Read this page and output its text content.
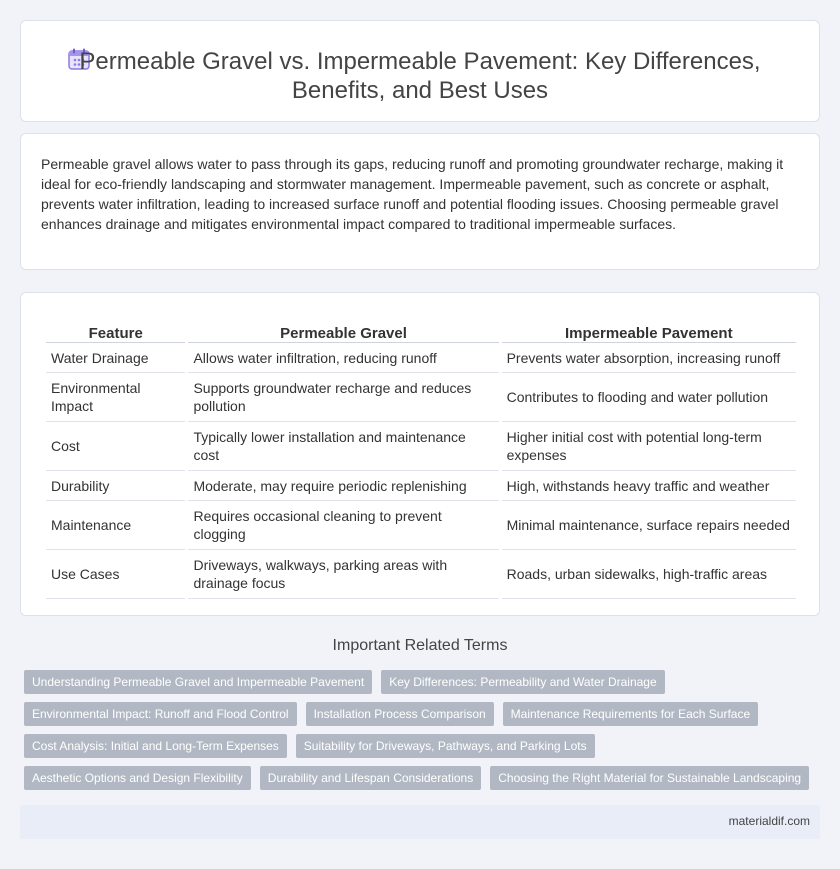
Permeable Gravel vs. Impermeable Pavement: Key Differences,
Benefits, and Best Uses

Permeable gravel allows water to pass through its gaps, reducing runoff and promoting groundwater recharge, making it ideal for eco-friendly landscaping and stormwater management. Impermeable pavement, such as concrete or asphalt, prevents water infiltration, leading to increased surface runoff and potential flooding issues. Choosing permeable gravel enhances drainage and mitigates environmental impact compared to traditional impermeable surfaces.

Feature	Permeable Gravel	Impermeable Pavement
Water Drainage	Allows water infiltration, reducing runoff	Prevents water absorption, increasing runoff
Environmental Impact	Supports groundwater recharge and reduces pollution	Contributes to flooding and water pollution
Cost	Typically lower installation and maintenance cost	Higher initial cost with potential long-term expenses
Durability	Moderate, may require periodic replenishing	High, withstands heavy traffic and weather
Maintenance	Requires occasional cleaning to prevent clogging	Minimal maintenance, surface repairs needed
Use Cases	Driveways, walkways, parking areas with drainage focus	Roads, urban sidewalks, high-traffic areas
Important Related Terms
Understanding Permeable Gravel and Impermeable Pavement	Key Differences: Permeability and Water Drainage
Environmental Impact: Runoff and Flood Control	Installation Process Comparison	Maintenance Requirements for Each Surface
Cost Analysis: Initial and Long-Term Expenses	Suitability for Driveways, Pathways, and Parking Lots
Aesthetic Options and Design Flexibility	Durability and Lifespan Considerations	Choosing the Right Material for Sustainable Landscaping
materialdif.com
